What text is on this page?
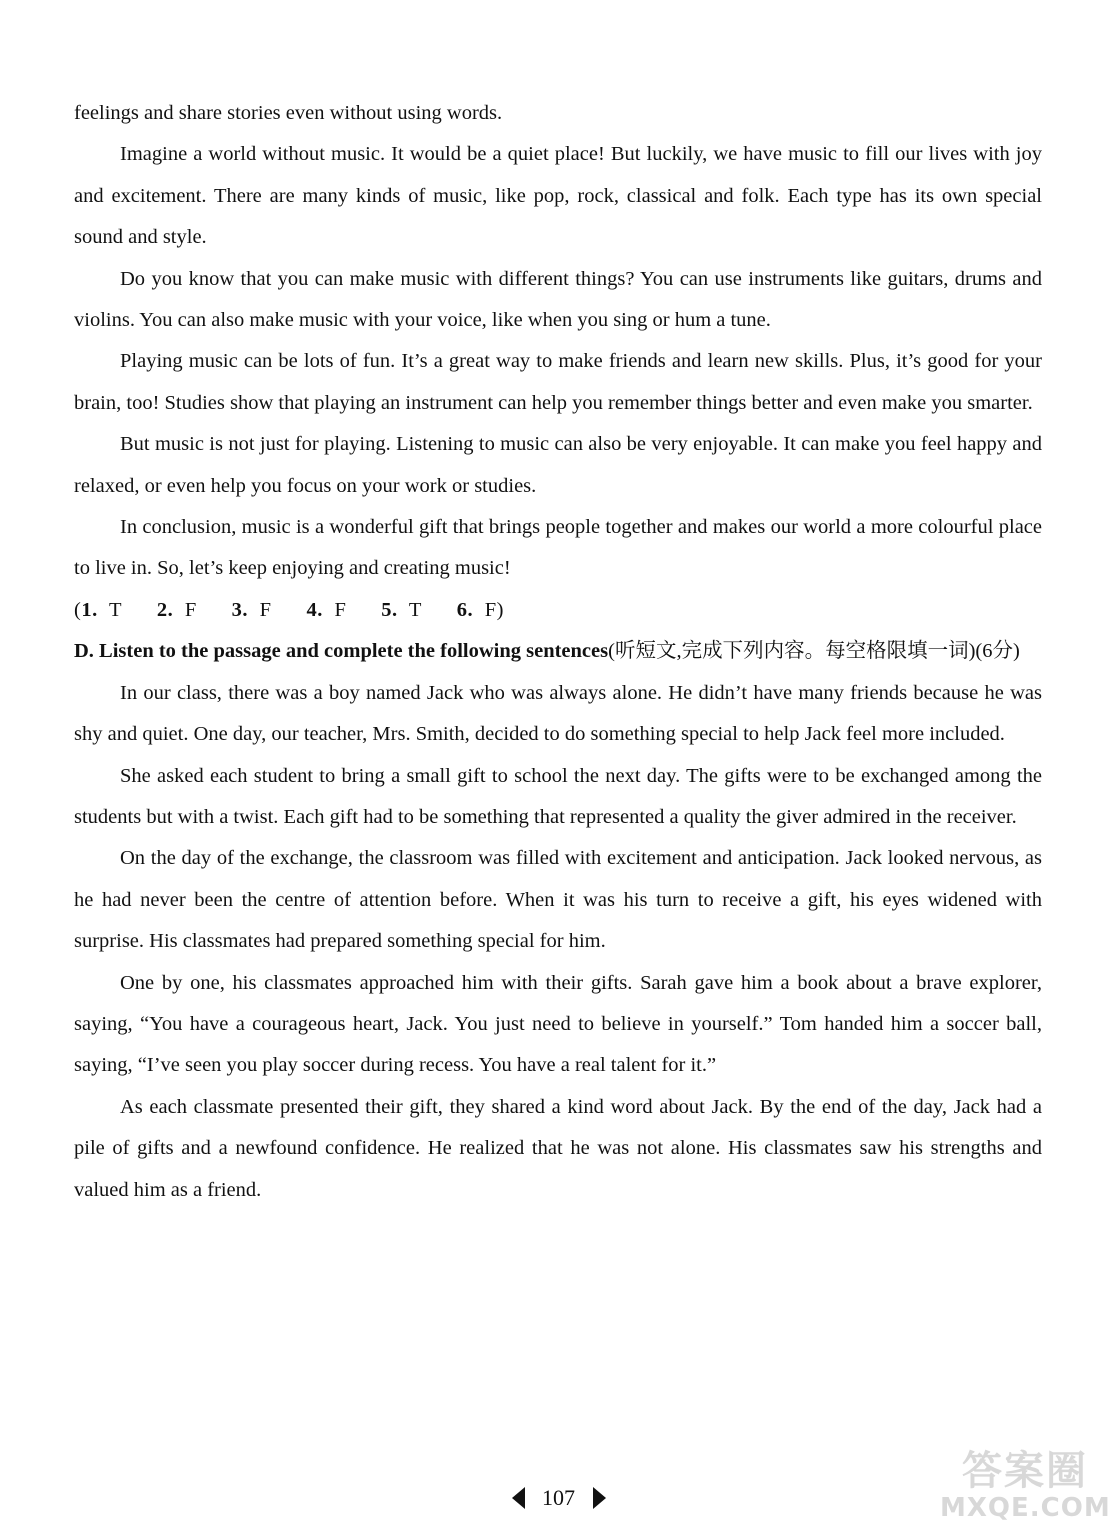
feelings and share stories even without using words.

Imagine a world without music. It would be a quiet place! But luckily, we have music to fill our lives with joy and excitement. There are many kinds of music, like pop, rock, classical and folk. Each type has its own special sound and style.

Do you know that you can make music with different things? You can use instruments like guitars, drums and violins. You can also make music with your voice, like when you sing or hum a tune.

Playing music can be lots of fun. It’s a great way to make friends and learn new skills. Plus, it’s good for your brain, too! Studies show that playing an instrument can help you remember things better and even make you smarter.

But music is not just for playing. Listening to music can also be very enjoyable. It can make you feel happy and relaxed, or even help you focus on your work or studies.

In conclusion, music is a wonderful gift that brings people together and makes our world a more colourful place to live in. So, let’s keep enjoying and creating music!

(1. T 2. F 3. F 4. F 5. T 6. F)

D. Listen to the passage and complete the following sentences(听短文,完成下列内容。每空格限填一词)(6分)

In our class, there was a boy named Jack who was always alone. He didn’t have many friends because he was shy and quiet. One day, our teacher, Mrs. Smith, decided to do something special to help Jack feel more included.

She asked each student to bring a small gift to school the next day. The gifts were to be exchanged among the students but with a twist. Each gift had to be something that represented a quality the giver admired in the receiver.

On the day of the exchange, the classroom was filled with excitement and anticipation. Jack looked nervous, as he had never been the centre of attention before. When it was his turn to receive a gift, his eyes widened with surprise. His classmates had prepared something special for him.

One by one, his classmates approached him with their gifts. Sarah gave him a book about a brave explorer, saying, “You have a courageous heart, Jack. You just need to believe in yourself.” Tom handed him a soccer ball, saying, “I’ve seen you play soccer during recess. You have a real talent for it.”

As each classmate presented their gift, they shared a kind word about Jack. By the end of the day, Jack had a pile of gifts and a newfound confidence. He realized that he was not alone. His classmates saw his strengths and valued him as a friend.

107
答案圈
MXQE.COM
